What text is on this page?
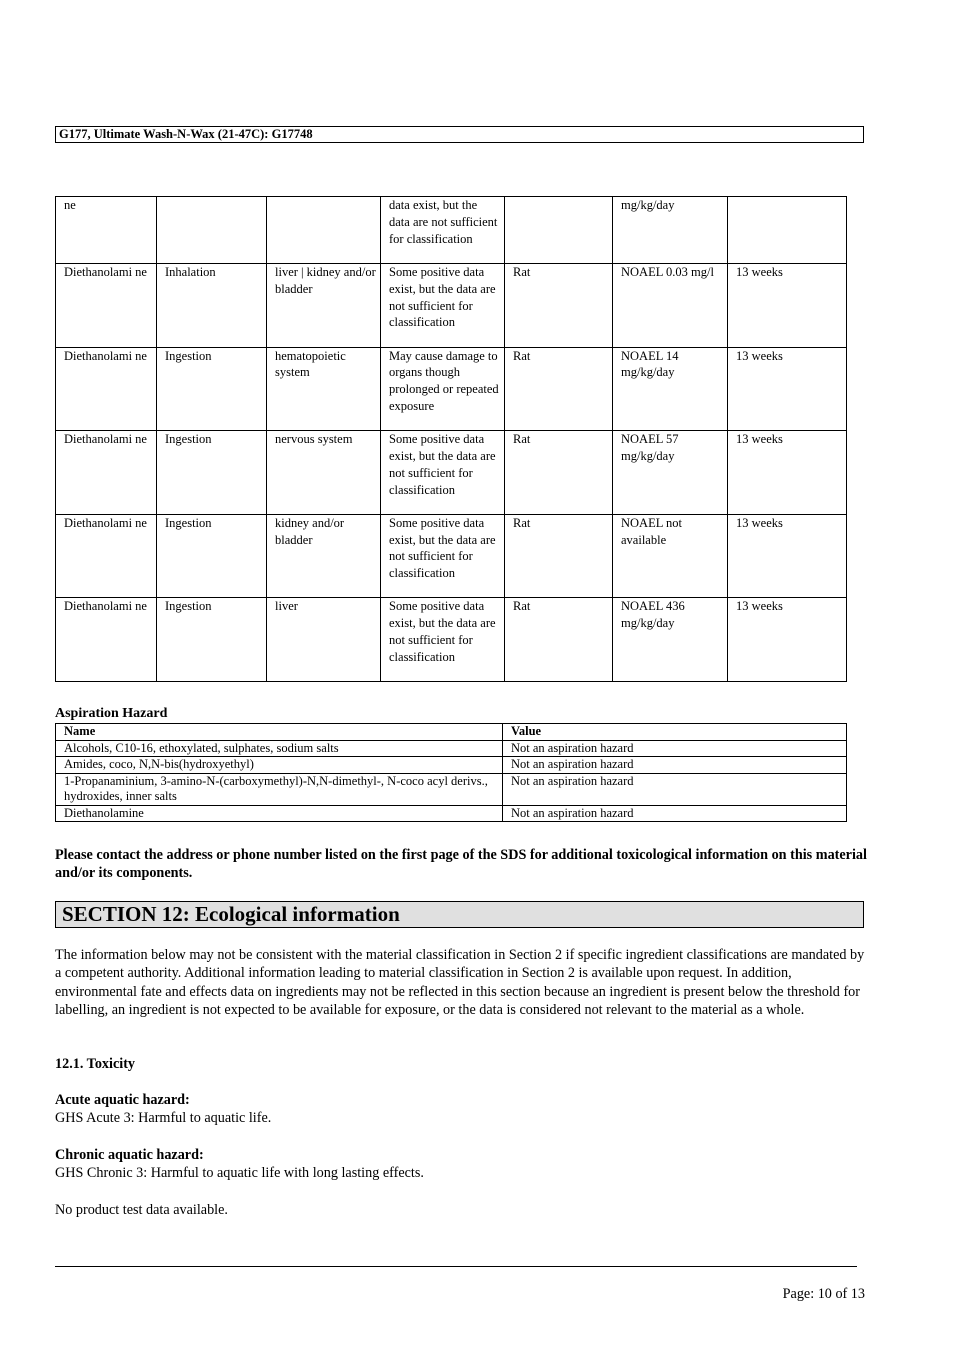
G177, Ultimate Wash-N-Wax (21-47C): G17748
ne			data exist, but the data are not sufficient for classification		mg/kg/day	
Diethanolami ne	Inhalation	liver | kidney and/or bladder	Some positive data exist, but the data are not sufficient for classification	Rat	NOAEL 0.03 mg/l	13 weeks
Diethanolami ne	Ingestion	hematopoietic system	May cause damage to organs though prolonged or repeated exposure	Rat	NOAEL 14 mg/kg/day	13 weeks
Diethanolami ne	Ingestion	nervous system	Some positive data exist, but the data are not sufficient for classification	Rat	NOAEL 57 mg/kg/day	13 weeks
Diethanolami ne	Ingestion	kidney and/or bladder	Some positive data exist, but the data are not sufficient for classification	Rat	NOAEL not available	13 weeks
Diethanolami ne	Ingestion	liver	Some positive data exist, but the data are not sufficient for classification	Rat	NOAEL 436 mg/kg/day	13 weeks
Aspiration Hazard
Name	Value
Alcohols, C10-16, ethoxylated, sulphates, sodium salts	Not an aspiration hazard
Amides, coco, N,N-bis(hydroxyethyl)	Not an aspiration hazard
1-Propanaminium, 3-amino-N-(carboxymethyl)-N,N-dimethyl-, N-coco acyl derivs., hydroxides, inner salts	Not an aspiration hazard
Diethanolamine	Not an aspiration hazard
Please contact the address or phone number listed on the first page of the SDS for additional toxicological information on this material and/or its components.
SECTION 12: Ecological information
The information below may not be consistent with the material classification in Section 2 if specific ingredient classifications are mandated by a competent authority. Additional information leading to material classification in Section 2 is available upon request. In addition, environmental fate and effects data on ingredients may not be reflected in this section because an ingredient is present below the threshold for labelling, an ingredient is not expected to be available for exposure, or the data is considered not relevant to the material as a whole.
12.1. Toxicity
Acute aquatic hazard:
GHS Acute 3: Harmful to aquatic life.
Chronic aquatic hazard:
GHS Chronic 3: Harmful to aquatic life with long lasting effects.
No product test data available.
Page: 10 of 13
